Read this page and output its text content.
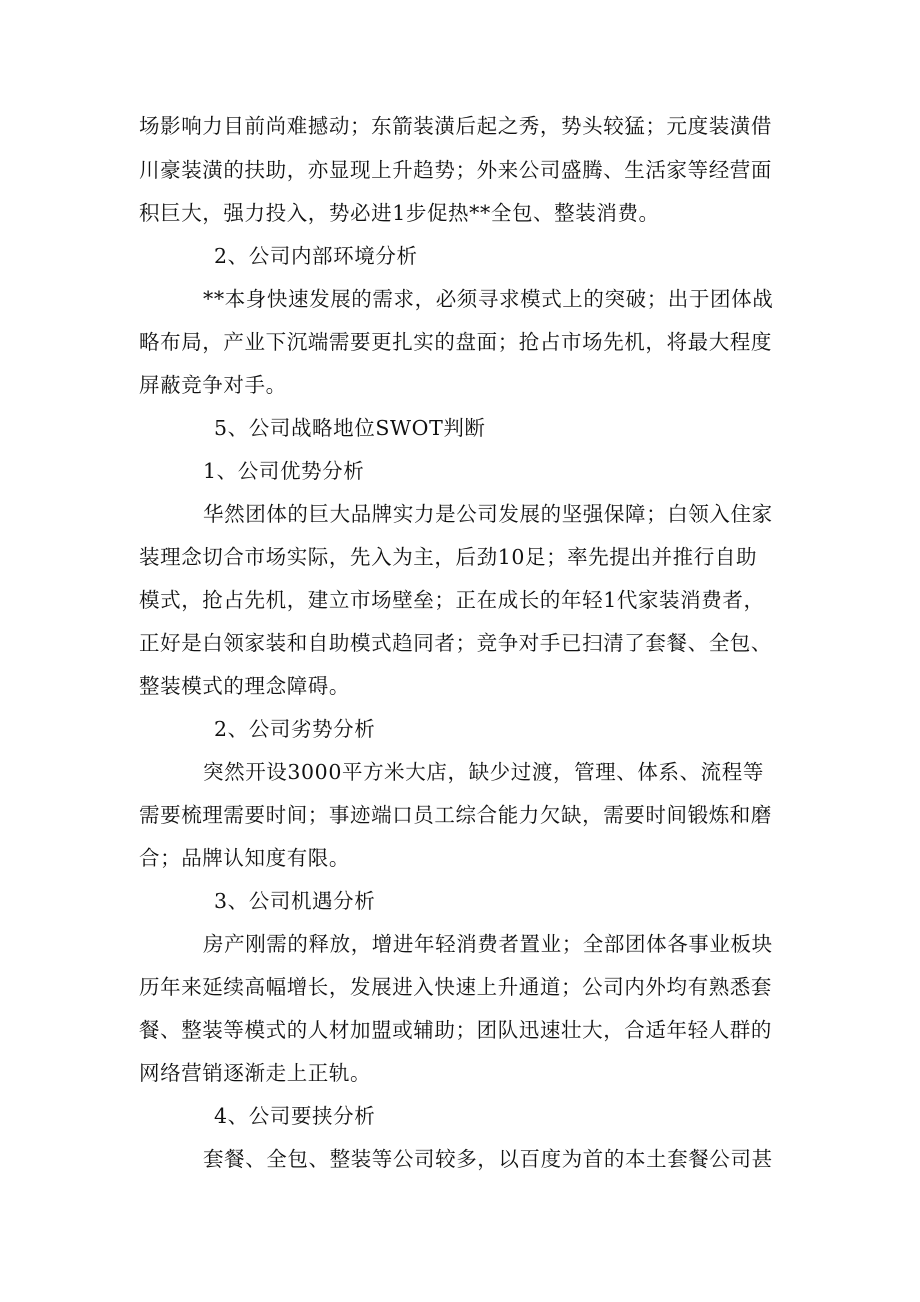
场影响力目前尚难撼动；东箭装潢后起之秀，势头较猛；元度装潢借
川豪装潢的扶助，亦显现上升趋势；外来公司盛腾、生活家等经营面
积巨大，强力投入，势必进1步促热**全包、整装消费。
2、公司内部环境分析
**本身快速发展的需求，必须寻求模式上的突破；出于团体战
略布局，产业下沉端需要更扎实的盘面；抢占市场先机，将最大程度
屏蔽竞争对手。
5、公司战略地位SWOT判断
1、公司优势分析
华然团体的巨大品牌实力是公司发展的坚强保障；白领入住家
装理念切合市场实际，先入为主，后劲10足；率先提出并推行自助
模式，抢占先机，建立市场壁垒；正在成长的年轻1代家装消费者，
正好是白领家装和自助模式趋同者；竞争对手已扫清了套餐、全包、
整装模式的理念障碍。
2、公司劣势分析
突然开设3000平方米大店，缺少过渡，管理、体系、流程等
需要梳理需要时间；事迹端口员工综合能力欠缺，需要时间锻炼和磨
合；品牌认知度有限。
3、公司机遇分析
房产刚需的释放，增进年轻消费者置业；全部团体各事业板块
历年来延续高幅增长，发展进入快速上升通道；公司内外均有熟悉套
餐、整装等模式的人材加盟或辅助；团队迅速壮大，合适年轻人群的
网络营销逐渐走上正轨。
4、公司要挟分析
套餐、全包、整装等公司较多，以百度为首的本土套餐公司甚
